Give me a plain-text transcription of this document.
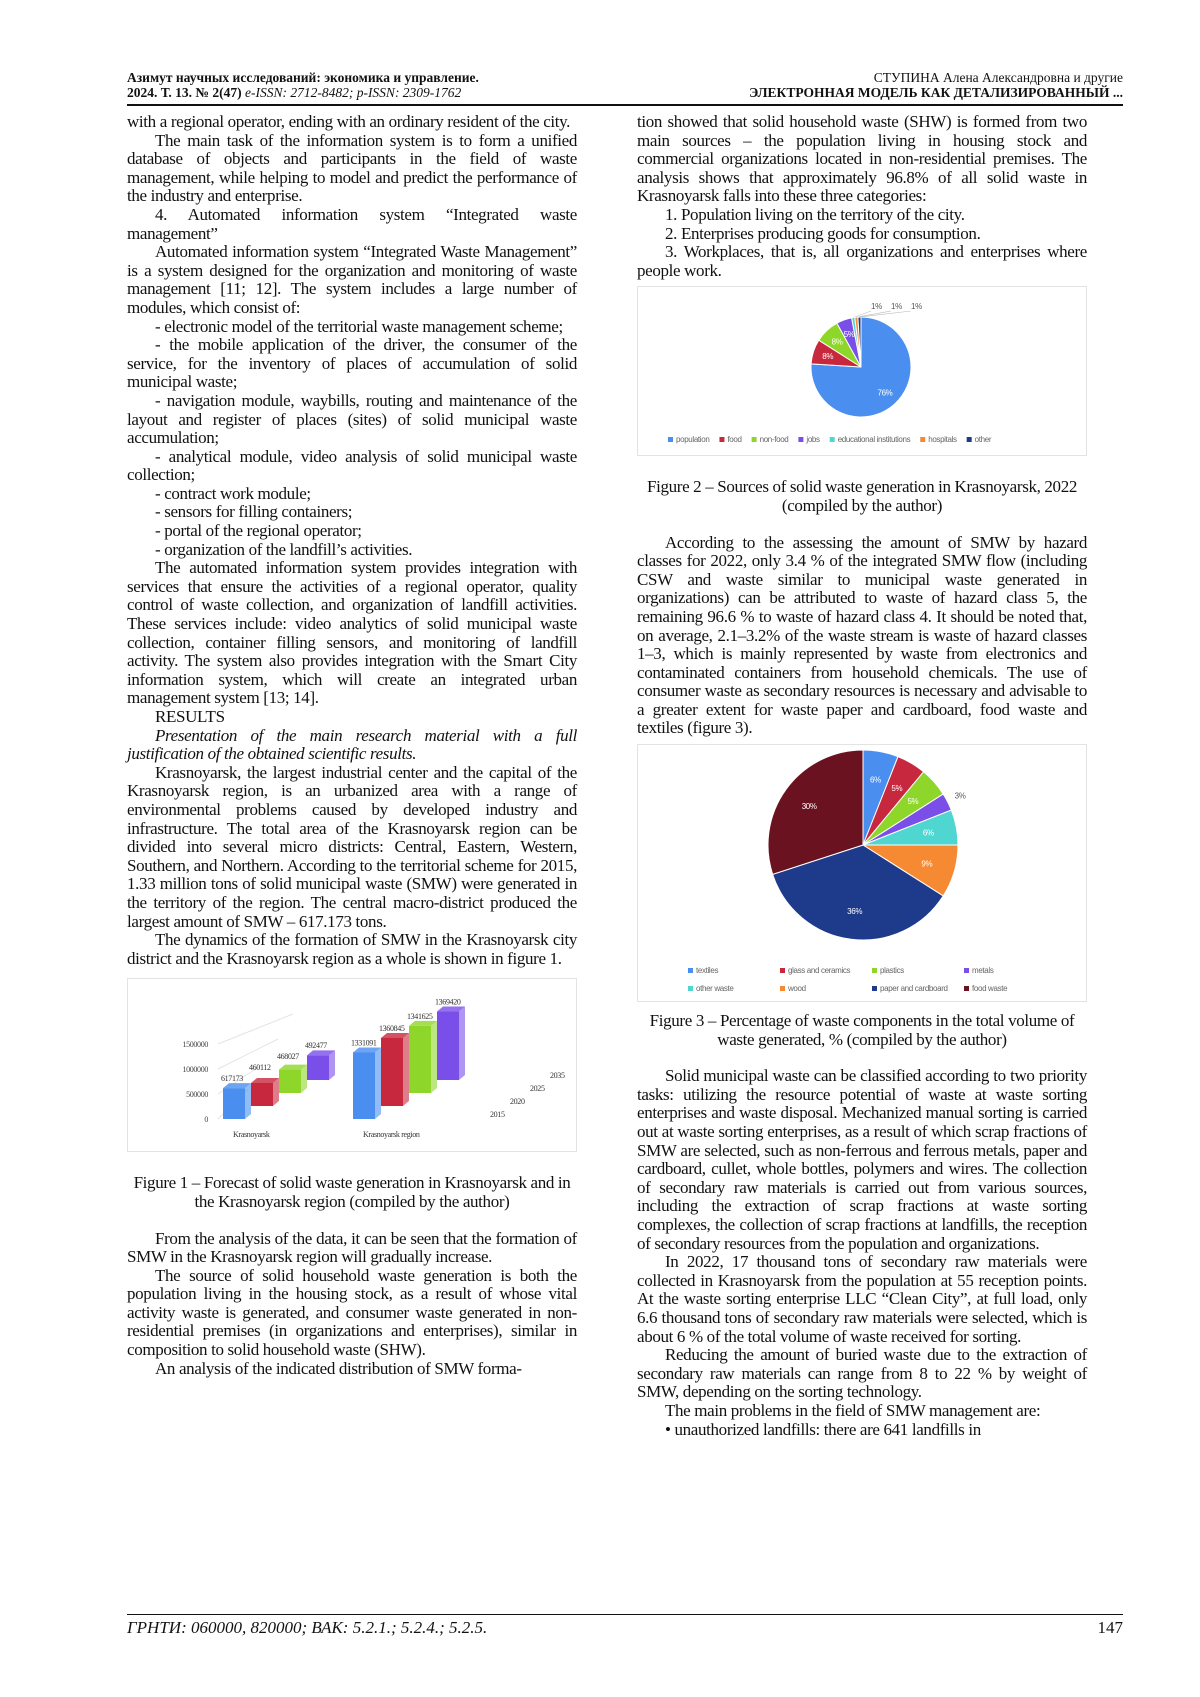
Азимут научных исследований: экономика и управление.
2024. Т. 13. № 2(47) e-ISSN: 2712-8482; p-ISSN: 2309-1762
СТУПИНА Алена Александровна и другие
ЭЛЕКТРОННАЯ МОДЕЛЬ КАК ДЕТАЛИЗИРОВАННЫЙ ...

with a regional operator, ending with an ordinary resident of the city.

The main task of the information system is to form a unified database of objects and participants in the field of waste management, while helping to model and predict the performance of the industry and enterprise.

4. Automated information system “Integrated waste management”

Automated information system “Integrated Waste Management” is a system designed for the organization and monitoring of waste management [11; 12]. The system includes a large number of modules, which consist of:

- electronic model of the territorial waste management scheme;

- the mobile application of the driver, the consumer of the service, for the inventory of places of accumulation of solid municipal waste;

- navigation module, waybills, routing and maintenance of the layout and register of places (sites) of solid municipal waste accumulation;

- analytical module, video analysis of solid municipal waste collection;

- contract work module;

- sensors for filling containers;

- portal of the regional operator;

- organization of the landfill’s activities.

The automated information system provides integration with services that ensure the activities of a regional operator, quality control of waste collection, and organization of landfill activities. These services include: video analytics of solid municipal waste collection, container filling sensors, and monitoring of landfill activity. The system also provides integration with the Smart City information system, which will create an integrated urban management system [13; 14].

RESULTS

Presentation of the main research material with a full justification of the obtained scientific results.

Krasnoyarsk, the largest industrial center and the capital of the Krasnoyarsk region, is an urbanized area with a range of environmental problems caused by developed industry and infrastructure. The total area of the Krasnoyarsk region can be divided into several micro districts: Central, Eastern, Western, Southern, and Northern. According to the territorial scheme for 2015, 1.33 million tons of solid municipal waste (SMW) were generated in the territory of the region. The central macro-district produced the largest amount of SMW – 617.173 tons.

The dynamics of the formation of SMW in the Krasnoyarsk city district and the Krasnoyarsk region as a whole is shown in figure 1.

0
500000
1000000
1500000
Krasnoyarsk	Krasnoyarsk region
617173
460112
468027
492477	1331091
1360845
1341625
1369420
2015
2020
2025
2035

Figure 1 – Forecast of solid waste generation in Krasnoyarsk and in the Krasnoyarsk region (compiled by the author)

From the analysis of the data, it can be seen that the formation of SMW in the Krasnoyarsk region will gradually increase.

The source of solid household waste generation is both the population living in the housing stock, as a result of whose vital activity waste is generated, and consumer waste generated in non-residential premises (in organizations and enterprises), similar in composition to solid household waste (SHW).

An analysis of the indicated distribution of SMW forma-

tion showed that solid household waste (SHW) is formed from two main sources – the population living in housing stock and commercial organizations located in non-residential premises. The analysis shows that approximately 96.8% of all solid waste in Krasnoyarsk falls into these three categories:

1. Population living on the territory of the city.

2. Enterprises producing goods for consumption.

3. Workplaces, that is, all organizations and enterprises where people work.

76%
8%
8%
5%
1% 1% 1%
population food non-food jobs educational institutions hospitals other

Figure 2 – Sources of solid waste generation in Krasnoyarsk, 2022 (compiled by the author)

According to the assessing the amount of SMW by hazard classes for 2022, only 3.4 % of the integrated SMW flow (including CSW and waste similar to municipal waste generated in organizations) can be attributed to waste of hazard class 5, the remaining 96.6 % to waste of hazard class 4. It should be noted that, on average, 2.1–3.2% of the waste stream is waste of hazard classes 1–3, which is mainly represented by waste from electronics and contaminated containers from household chemicals. The use of consumer waste as secondary resources is necessary and advisable to a greater extent for waste paper and cardboard, food waste and textiles (figure 3).

6%
5%
5%
3%
6%
9%
36%
30%
textiles	glass and ceramics	plastics	metals
other waste	wood	paper and cardboard	food waste

Figure 3 – Percentage of waste components in the total volume of waste generated, % (compiled by the author)

Solid municipal waste can be classified according to two priority tasks: utilizing the resource potential of waste at waste sorting enterprises and waste disposal. Mechanized manual sorting is carried out at waste sorting enterprises, as a result of which scrap fractions of SMW are selected, such as non-ferrous and ferrous metals, paper and cardboard, cullet, whole bottles, polymers and wires. The collection of secondary raw materials is carried out from various sources, including the extraction of scrap fractions at waste sorting complexes, the collection of scrap fractions at landfills, the reception of secondary resources from the population and organizations.

In 2022, 17 thousand tons of secondary raw materials were collected in Krasnoyarsk from the population at 55 reception points. At the waste sorting enterprise LLC “Clean City”, at full load, only 6.6 thousand tons of secondary raw materials were selected, which is about 6 % of the total volume of waste received for sorting.

Reducing the amount of buried waste due to the extraction of secondary raw materials can range from 8 to 22 % by weight of SMW, depending on the sorting technology.

The main problems in the field of SMW management are:

• unauthorized landfills: there are 641 landfills in

ГРНТИ: 060000, 820000; ВАК: 5.2.1.; 5.2.4.; 5.2.5.	147
